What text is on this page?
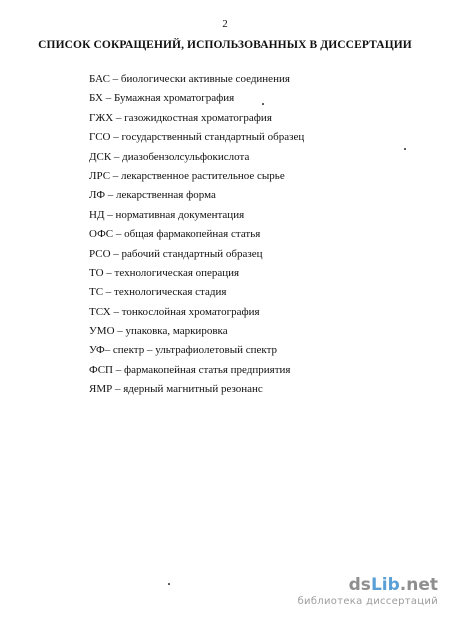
2
СПИСОК СОКРАЩЕНИЙ, ИСПОЛЬЗОВАННЫХ В ДИССЕРТАЦИИ
БАС – биологически активные соединения
БХ – Бумажная хроматография
ГЖХ – газожидкостная хроматография
ГСО – государственный стандартный образец
ДСК – диазобензолсульфокислота
ЛРС – лекарственное растительное сырье
ЛФ – лекарственная форма
НД – нормативная документация
ОФС – общая фармакопейная статья
РСО – рабочий стандартный образец
ТО – технологическая операция
ТС – технологическая стадия
ТСХ – тонкослойная хроматография
УМО – упаковка, маркировка
УФ– спектр – ультрафиолетовый спектр
ФСП – фармакопейная статья предприятия
ЯМР – ядерный магнитный резонанс
dsLib.net
библиотека диссертаций
